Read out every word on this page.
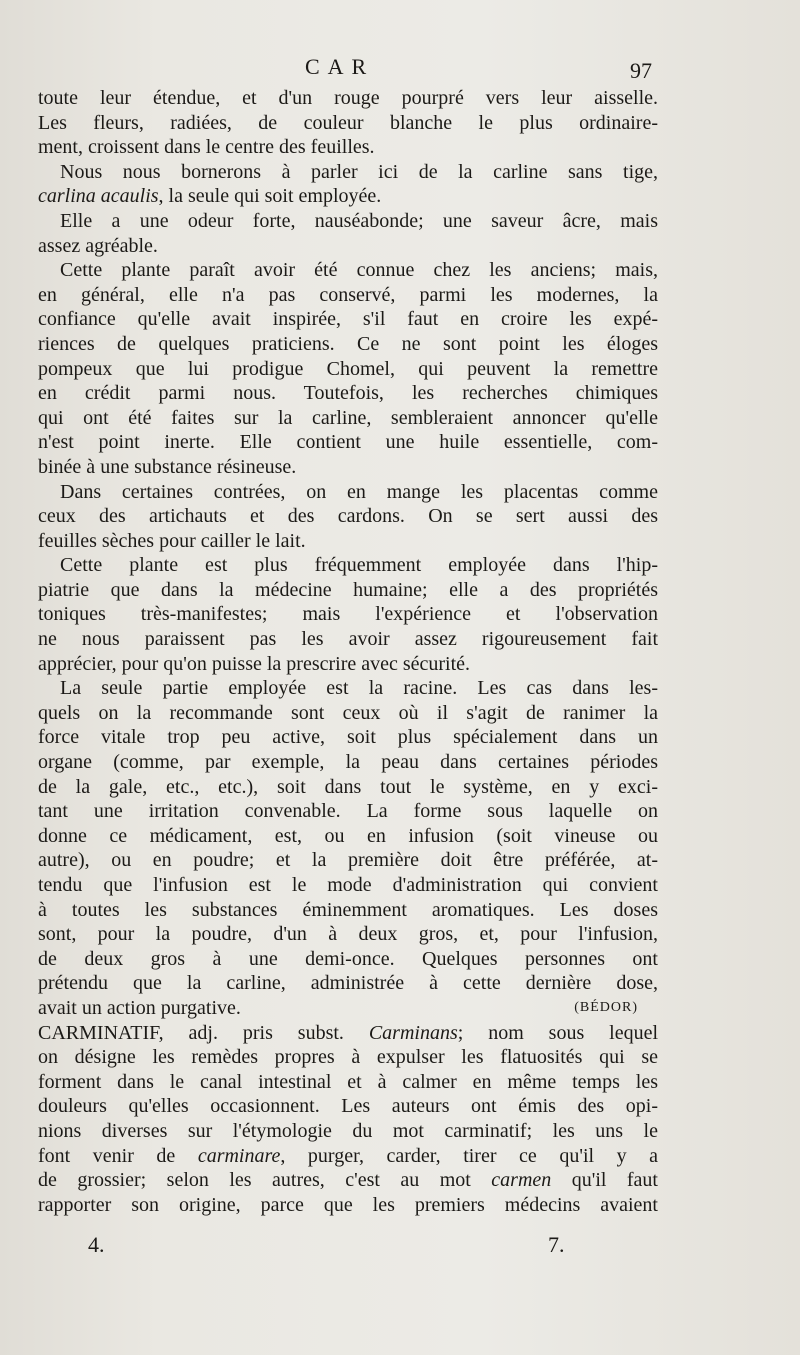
CAR	97
toute leur étendue, et d'un rouge pourpré vers leur aisselle.
Les fleurs, radiées, de couleur blanche le plus ordinaire-
ment, croissent dans le centre des feuilles.
Nous nous bornerons à parler ici de la carline sans tige,
carlina acaulis, la seule qui soit employée.
Elle a une odeur forte, nauséabonde; une saveur âcre, mais
assez agréable.
Cette plante paraît avoir été connue chez les anciens; mais,
en général, elle n'a pas conservé, parmi les modernes, la
confiance qu'elle avait inspirée, s'il faut en croire les expé-
riences de quelques praticiens. Ce ne sont point les éloges
pompeux que lui prodigue Chomel, qui peuvent la remettre
en crédit parmi nous. Toutefois, les recherches chimiques
qui ont été faites sur la carline, sembleraient annoncer qu'elle
n'est point inerte. Elle contient une huile essentielle, com-
binée à une substance résineuse.
Dans certaines contrées, on en mange les placentas comme
ceux des artichauts et des cardons. On se sert aussi des
feuilles sèches pour cailler le lait.
Cette plante est plus fréquemment employée dans l'hip-
piatrie que dans la médecine humaine; elle a des propriétés
toniques très-manifestes; mais l'expérience et l'observation
ne nous paraissent pas les avoir assez rigoureusement fait
apprécier, pour qu'on puisse la prescrire avec sécurité.
La seule partie employée est la racine. Les cas dans les-
quels on la recommande sont ceux où il s'agit de ranimer la
force vitale trop peu active, soit plus spécialement dans un
organe (comme, par exemple, la peau dans certaines périodes
de la gale, etc., etc.), soit dans tout le système, en y exci-
tant une irritation convenable. La forme sous laquelle on
donne ce médicament, est, ou en infusion (soit vineuse ou
autre), ou en poudre; et la première doit être préférée, at-
tendu que l'infusion est le mode d'administration qui convient
à toutes les substances éminemment aromatiques. Les doses
sont, pour la poudre, d'un à deux gros, et, pour l'infusion,
de deux gros à une demi-once. Quelques personnes ont
prétendu que la carline, administrée à cette dernière dose,
avait un action purgative.	(BÉDOR)
CARMINATIF, adj. pris subst. Carminans; nom sous lequel
on désigne les remèdes propres à expulser les flatuosités qui se
forment dans le canal intestinal et à calmer en même temps les
douleurs qu'elles occasionnent. Les auteurs ont émis des opi-
nions diverses sur l'étymologie du mot carminatif; les uns le
font venir de carminare, purger, carder, tirer ce qu'il y a
de grossier; selon les autres, c'est au mot carmen qu'il faut
rapporter son origine, parce que les premiers médecins avaient
4.	7.
